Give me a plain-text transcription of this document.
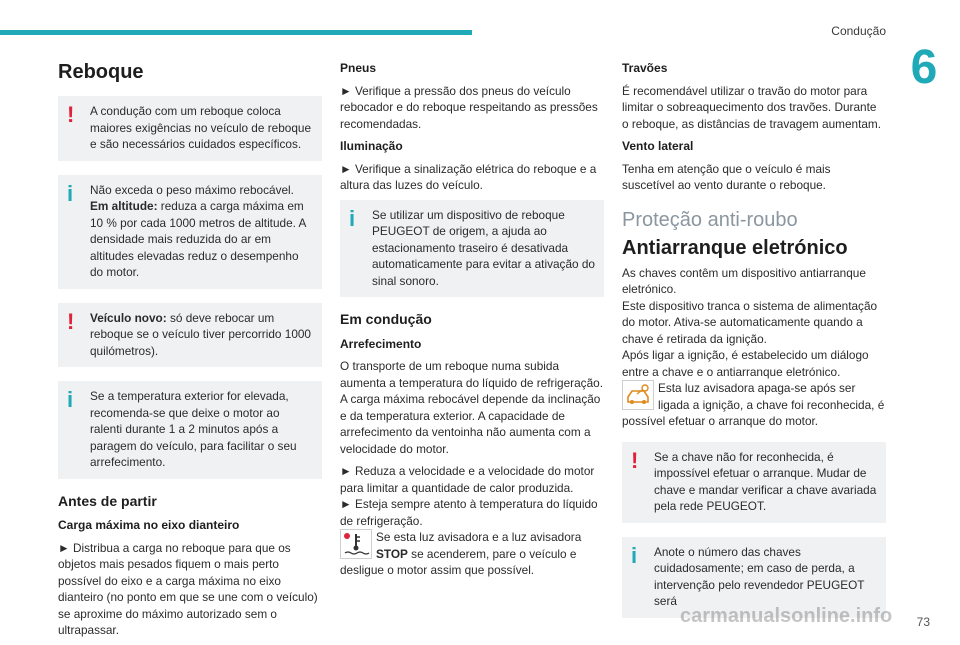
Condução
6
Reboque
!	A condução com um reboque coloca maiores exigências no veículo de reboque e são necessários cuidados específicos.
i	Não exceda o peso máximo rebocável.
Em altitude: reduza a carga máxima em 10 % por cada 1000 metros de altitude. A densidade mais reduzida do ar em altitudes elevadas reduz o desempenho do motor.
!	Veículo novo: só deve rebocar um reboque se o veículo tiver percorrido 1000 quilómetros).
i	Se a temperatura exterior for elevada, recomenda-se que deixe o motor ao ralenti durante 1 a 2 minutos após a paragem do veículo, para facilitar o seu arrefecimento.
Antes de partir
Carga máxima no eixo dianteiro

► Distribua a carga no reboque para que os objetos mais pesados fiquem o mais perto possível do eixo e a carga máxima no eixo dianteiro (no ponto em que se une com o veículo) se aproxime do máximo autorizado sem o ultrapassar.

Pneus

► Verifique a pressão dos pneus do veículo rebocador e do reboque respeitando as pressões recomendadas.

Iluminação

► Verifique a sinalização elétrica do reboque e a altura das luzes do veículo.

i	Se utilizar um dispositivo de reboque PEUGEOT de origem, a ajuda ao estacionamento traseiro é desativada automaticamente para evitar a ativação do sinal sonoro.
Em condução
Arrefecimento

O transporte de um reboque numa subida aumenta a temperatura do líquido de refrigeração. A carga máxima rebocável depende da inclinação e da temperatura exterior. A capacidade de arrefecimento da ventoinha não aumenta com a velocidade do motor.

► Reduza a velocidade e a velocidade do motor para limitar a quantidade de calor produzida.

► Esteja sempre atento à temperatura do líquido de refrigeração.

Se esta luz avisadora e a luz avisadora STOP se acenderem, pare o veículo e desligue o motor assim que possível.
Travões

É recomendável utilizar o travão do motor para limitar o sobreaquecimento dos travões. Durante o reboque, as distâncias de travagem aumentam.

Vento lateral

Tenha em atenção que o veículo é mais suscetível ao vento durante o reboque.

Proteção anti-roubo
Antiarranque eletrónico

As chaves contêm um dispositivo antiarranque eletrónico.

Este dispositivo tranca o sistema de alimentação do motor. Ativa-se automaticamente quando a chave é retirada da ignição.

Após ligar a ignição, é estabelecido um diálogo entre a chave e o antiarranque eletrónico.

Esta luz avisadora apaga-se após ser ligada a ignição, a chave foi reconhecida, é possível efetuar o arranque do motor.
!	Se a chave não for reconhecida, é impossível efetuar o arranque. Mudar de chave e mandar verificar a chave avariada pela rede PEUGEOT.
i	Anote o número das chaves cuidadosamente; em caso de perda, a intervenção pelo revendedor PEUGEOT será
carmanualsonline.info 73
